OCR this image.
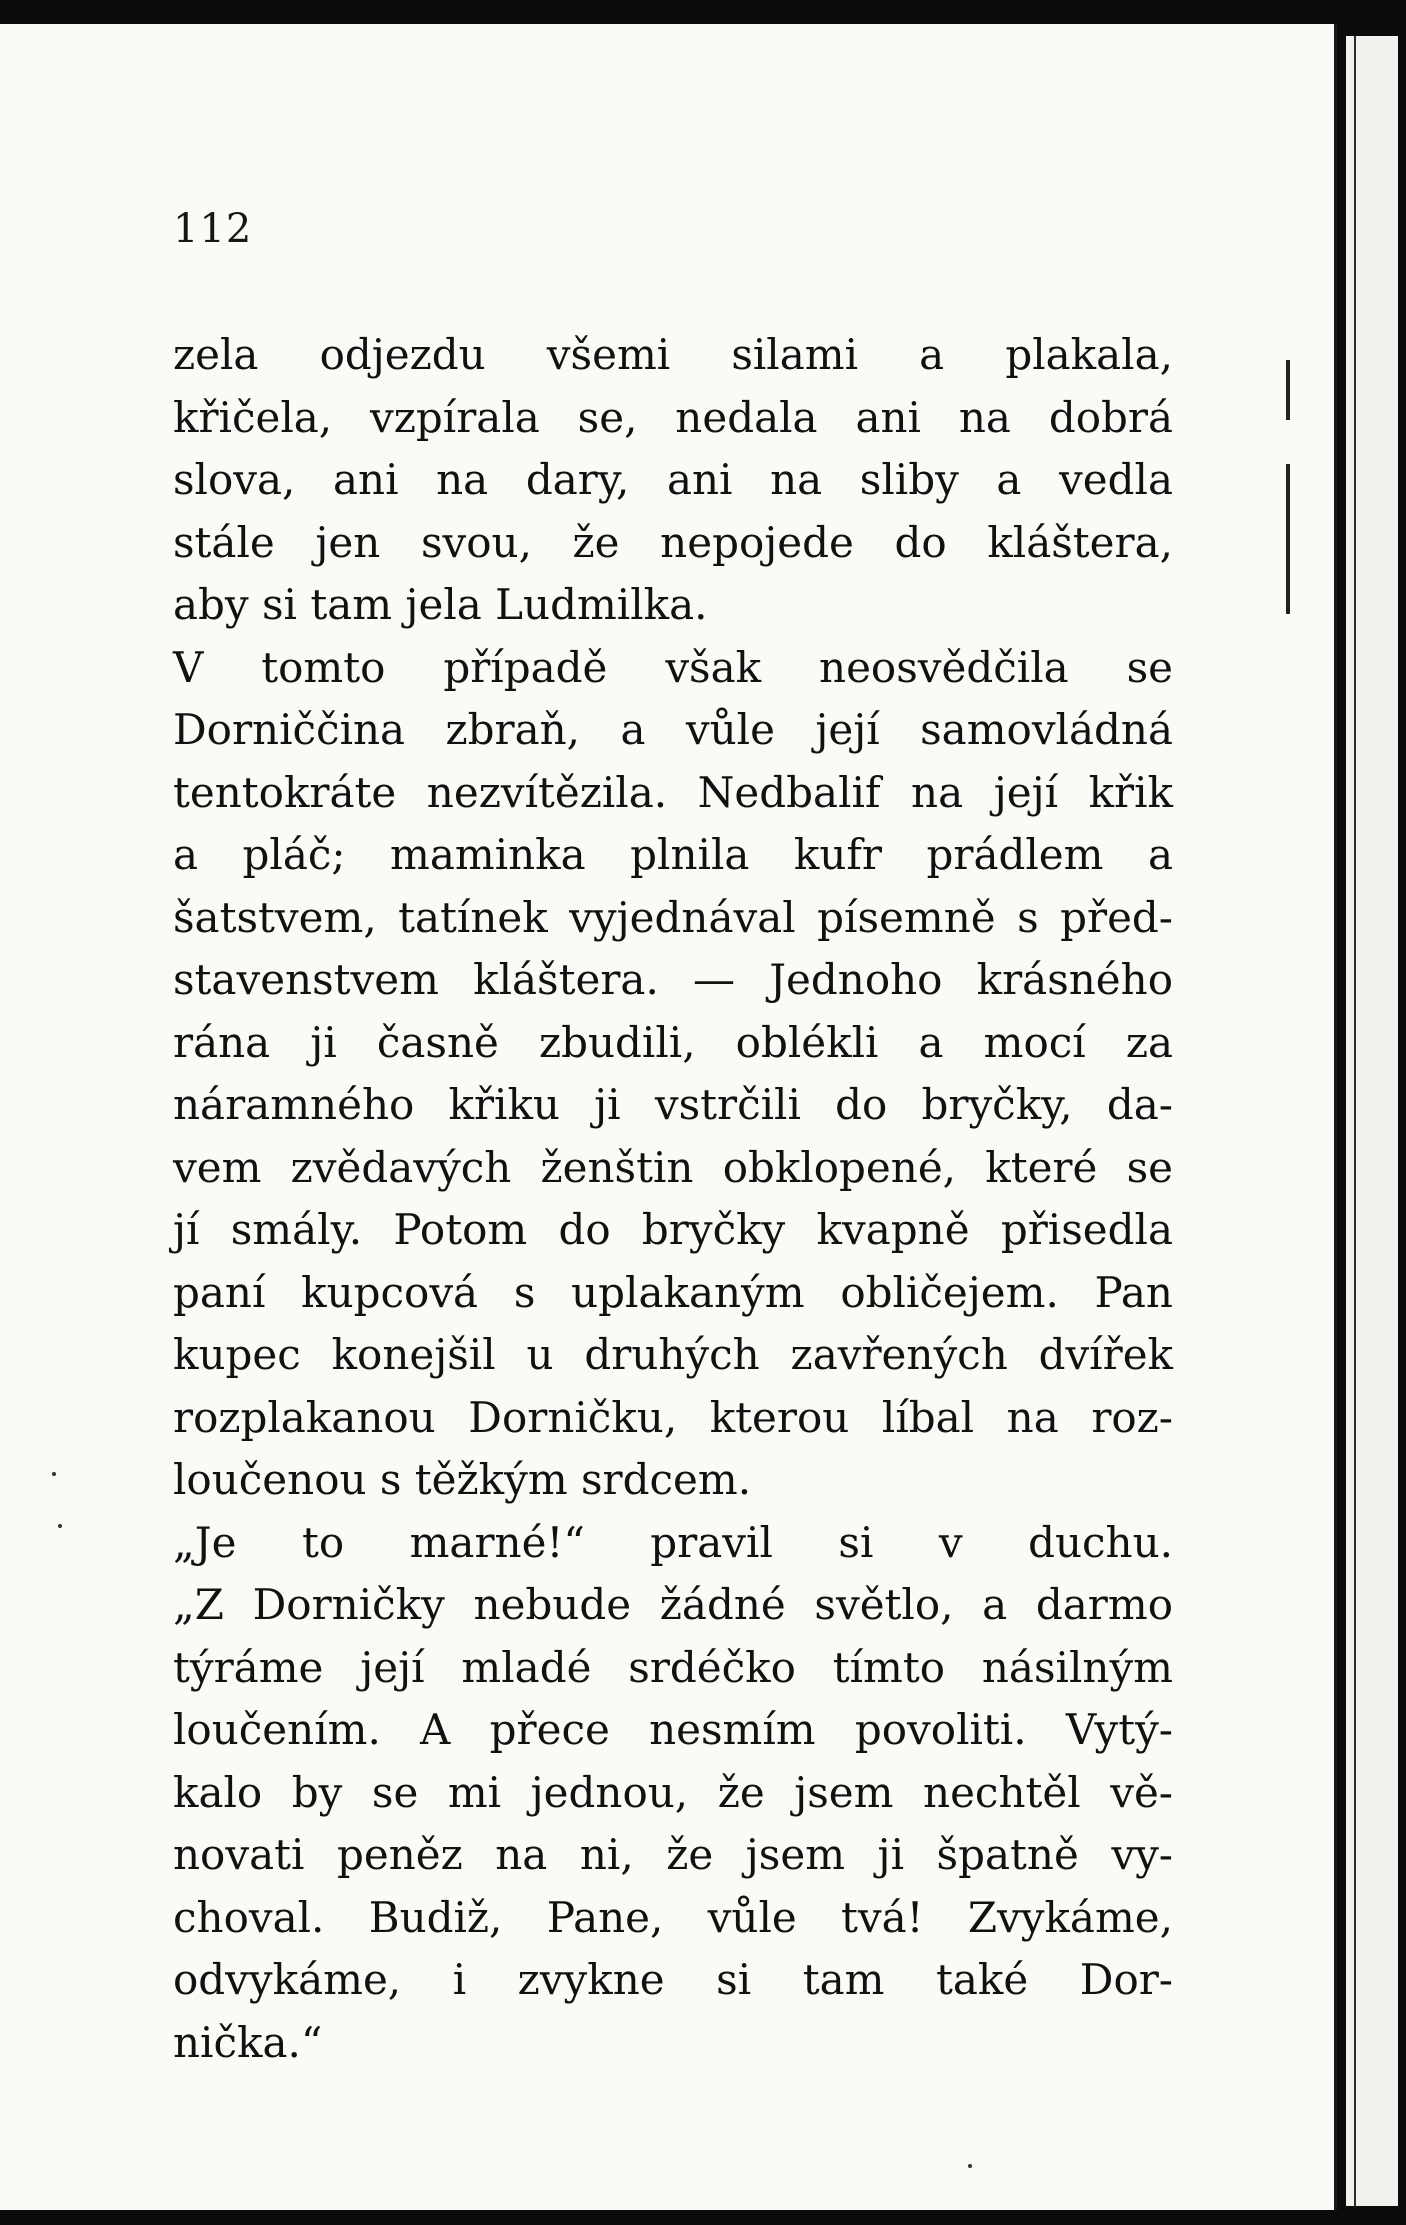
112
zela odjezdu všemi silami a plakala,
křičela, vzpírala se, nedala ani na dobrá
slova, ani na dary, ani na sliby a vedla
stále jen svou, že nepojede do kláštera,
aby si tam jela Ludmilka.
V tomto případě však neosvědčila se
Dorniččina zbraň, a vůle její samovládná
tentokráte nezvítězila. Nedbalif na její křik
a pláč; maminka plnila kufr prádlem a
šatstvem, tatínek vyjednával písemně s před-
stavenstvem kláštera. — Jednoho krásného
rána ji časně zbudili, oblékli a mocí za
náramného křiku ji vstrčili do bryčky, da-
vem zvědavých ženštin obklopené, které se
jí smály. Potom do bryčky kvapně přisedla
paní kupcová s uplakaným obličejem. Pan
kupec konejšil u druhých zavřených dvířek
rozplakanou Dorničku, kterou líbal na roz-
loučenou s těžkým srdcem.
„Je to marné!“ pravil si v duchu.
„Z Dorničky nebude žádné světlo, a darmo
týráme její mladé srdéčko tímto násilným
loučením. A přece nesmím povoliti. Vytý-
kalo by se mi jednou, že jsem nechtěl vě-
novati peněz na ni, že jsem ji špatně vy-
choval. Budiž, Pane, vůle tvá! Zvykáme,
odvykáme, i zvykne si tam také Dor-
nička.“
